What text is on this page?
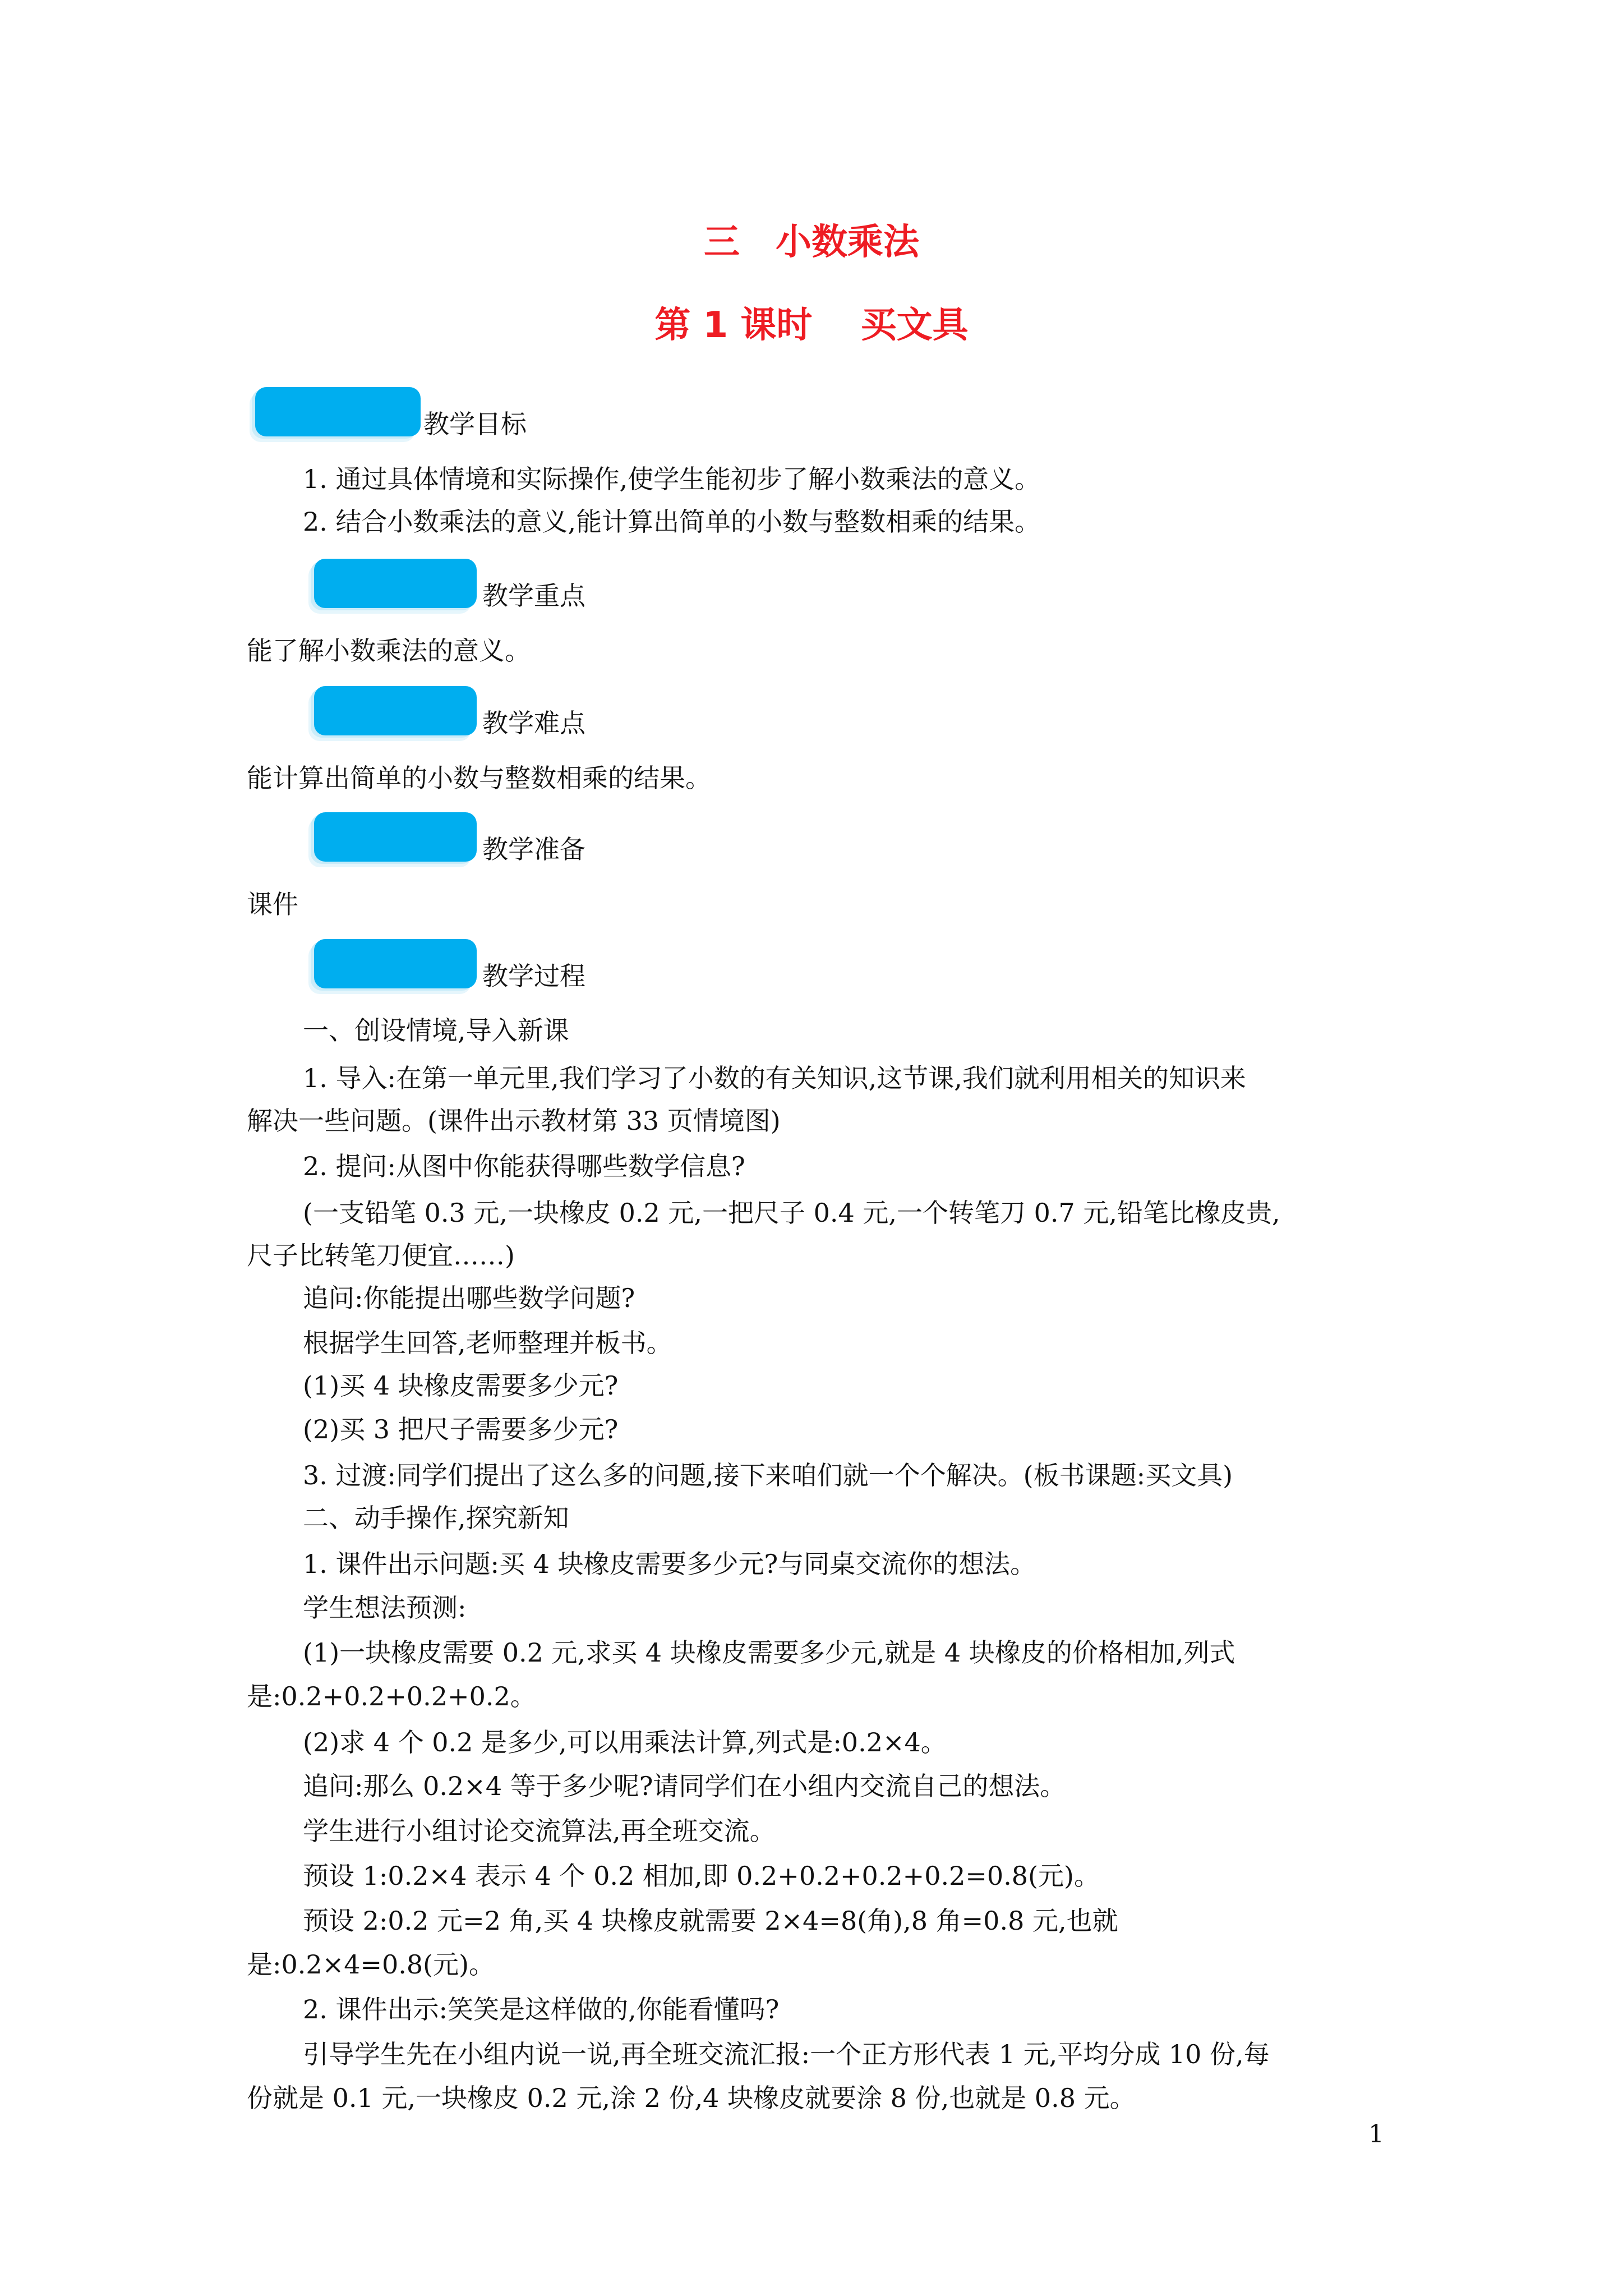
三　小数乘法
第 1 课时　 买文具
教学目标
1. 通过具体情境和实际操作,使学生能初步了解小数乘法的意义。
2. 结合小数乘法的意义,能计算出简单的小数与整数相乘的结果。
教学重点
能了解小数乘法的意义。
教学难点
能计算出简单的小数与整数相乘的结果。
教学准备
课件
教学过程
一、创设情境,导入新课
1. 导入:在第一单元里,我们学习了小数的有关知识,这节课,我们就利用相关的知识来
解决一些问题。(课件出示教材第 33 页情境图)
2. 提问:从图中你能获得哪些数学信息?
(一支铅笔 0.3 元,一块橡皮 0.2 元,一把尺子 0.4 元,一个转笔刀 0.7 元,铅笔比橡皮贵,
尺子比转笔刀便宜……)
追问:你能提出哪些数学问题?
根据学生回答,老师整理并板书。
(1)买 4 块橡皮需要多少元?
(2)买 3 把尺子需要多少元?
3. 过渡:同学们提出了这么多的问题,接下来咱们就一个个解决。(板书课题:买文具)
二、动手操作,探究新知
1. 课件出示问题:买 4 块橡皮需要多少元?与同桌交流你的想法。
学生想法预测:
(1)一块橡皮需要 0.2 元,求买 4 块橡皮需要多少元,就是 4 块橡皮的价格相加,列式
是:0.2+0.2+0.2+0.2。
(2)求 4 个 0.2 是多少,可以用乘法计算,列式是:0.2×4。
追问:那么 0.2×4 等于多少呢?请同学们在小组内交流自己的想法。
学生进行小组讨论交流算法,再全班交流。
预设 1:0.2×4 表示 4 个 0.2 相加,即 0.2+0.2+0.2+0.2=0.8(元)。
预设 2:0.2 元=2 角,买 4 块橡皮就需要 2×4=8(角),8 角=0.8 元,也就
是:0.2×4=0.8(元)。
2. 课件出示:笑笑是这样做的,你能看懂吗?
引导学生先在小组内说一说,再全班交流汇报:一个正方形代表 1 元,平均分成 10 份,每
份就是 0.1 元,一块橡皮 0.2 元,涂 2 份,4 块橡皮就要涂 8 份,也就是 0.8 元。
1
